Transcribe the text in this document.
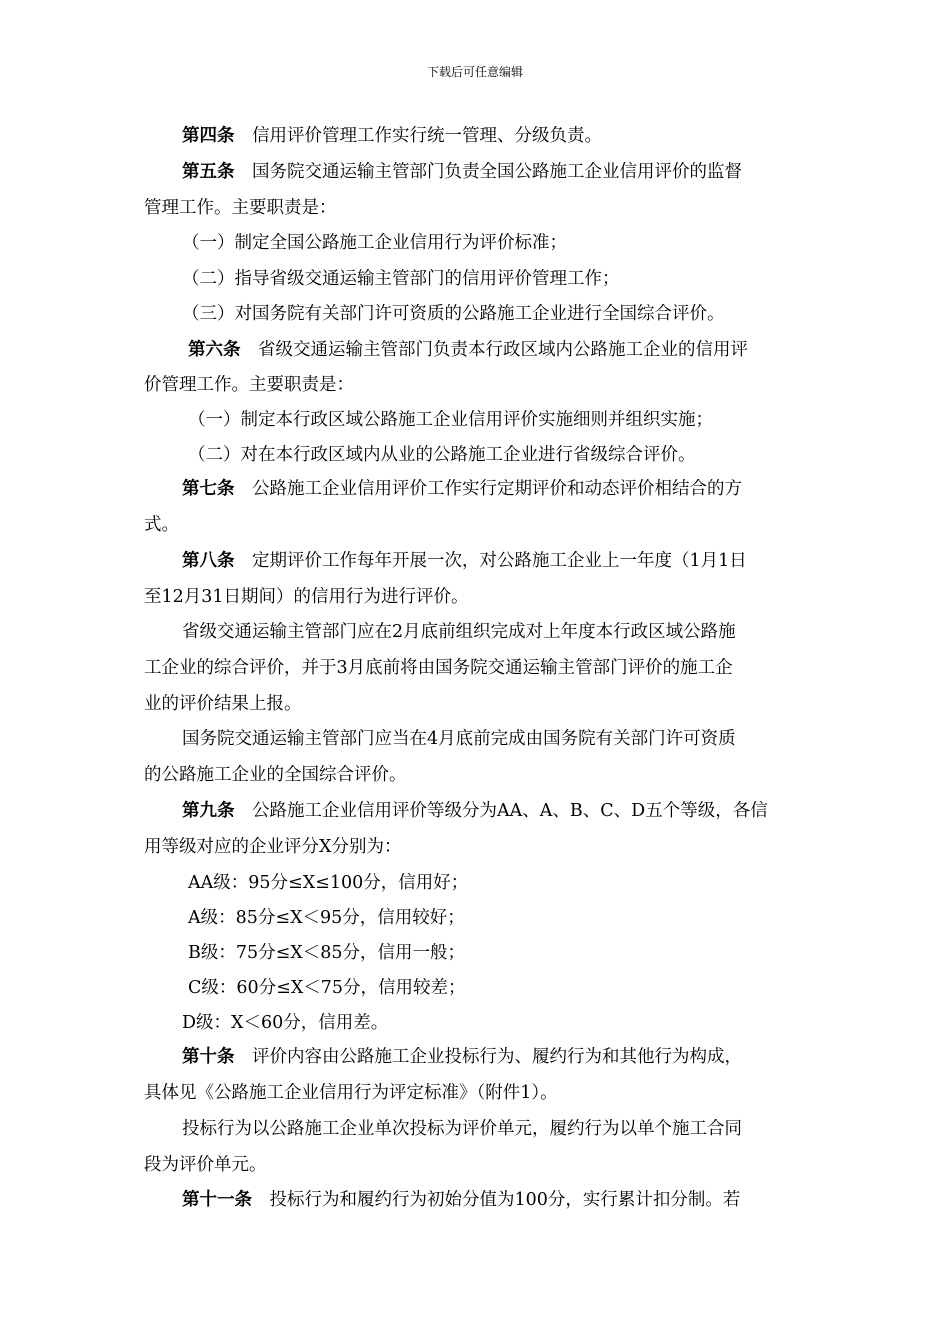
下载后可任意编辑
第四条　 信用评价管理工作实行统一管理、分级负责。
第五条　 国务院交通运输主管部门负责全国公路施工企业信用评价的监督
管理工作。主要职责是：
（一）制定全国公路施工企业信用行为评价标准；
（二）指导省级交通运输主管部门的信用评价管理工作；
（三）对国务院有关部门许可资质的公路施工企业进行全国综合评价。
第六条　 省级交通运输主管部门负责本行政区域内公路施工企业的信用评
价管理工作。主要职责是：
（一）制定本行政区域公路施工企业信用评价实施细则并组织实施；
（二）对在本行政区域内从业的公路施工企业进行省级综合评价。
第七条　 公路施工企业信用评价工作实行定期评价和动态评价相结合的方
式。
第八条　 定期评价工作每年开展一次，对公路施工企业上一年度（1月1日
至12月31日期间）的信用行为进行评价。
省级交通运输主管部门应在2月底前组织完成对上年度本行政区域公路施
工企业的综合评价，并于3月底前将由国务院交通运输主管部门评价的施工企
业的评价结果上报。
国务院交通运输主管部门应当在4月底前完成由国务院有关部门许可资质
的公路施工企业的全国综合评价。
第九条　 公路施工企业信用评价等级分为AA、A、B、C、D五个等级，各信
用等级对应的企业评分X分别为：
AA级：95分≤X≤100分，信用好；
A级：85分≤X＜95分，信用较好；
B级：75分≤X＜85分，信用一般；
C级：60分≤X＜75分，信用较差；
D级：X＜60分，信用差。
第十条　 评价内容由公路施工企业投标行为、履约行为和其他行为构成，
具体见《公路施工企业信用行为评定标准》（附件1）。
投标行为以公路施工企业单次投标为评价单元，履约行为以单个施工合同
段为评价单元。
第十一条　 投标行为和履约行为初始分值为100分，实行累计扣分制。若
